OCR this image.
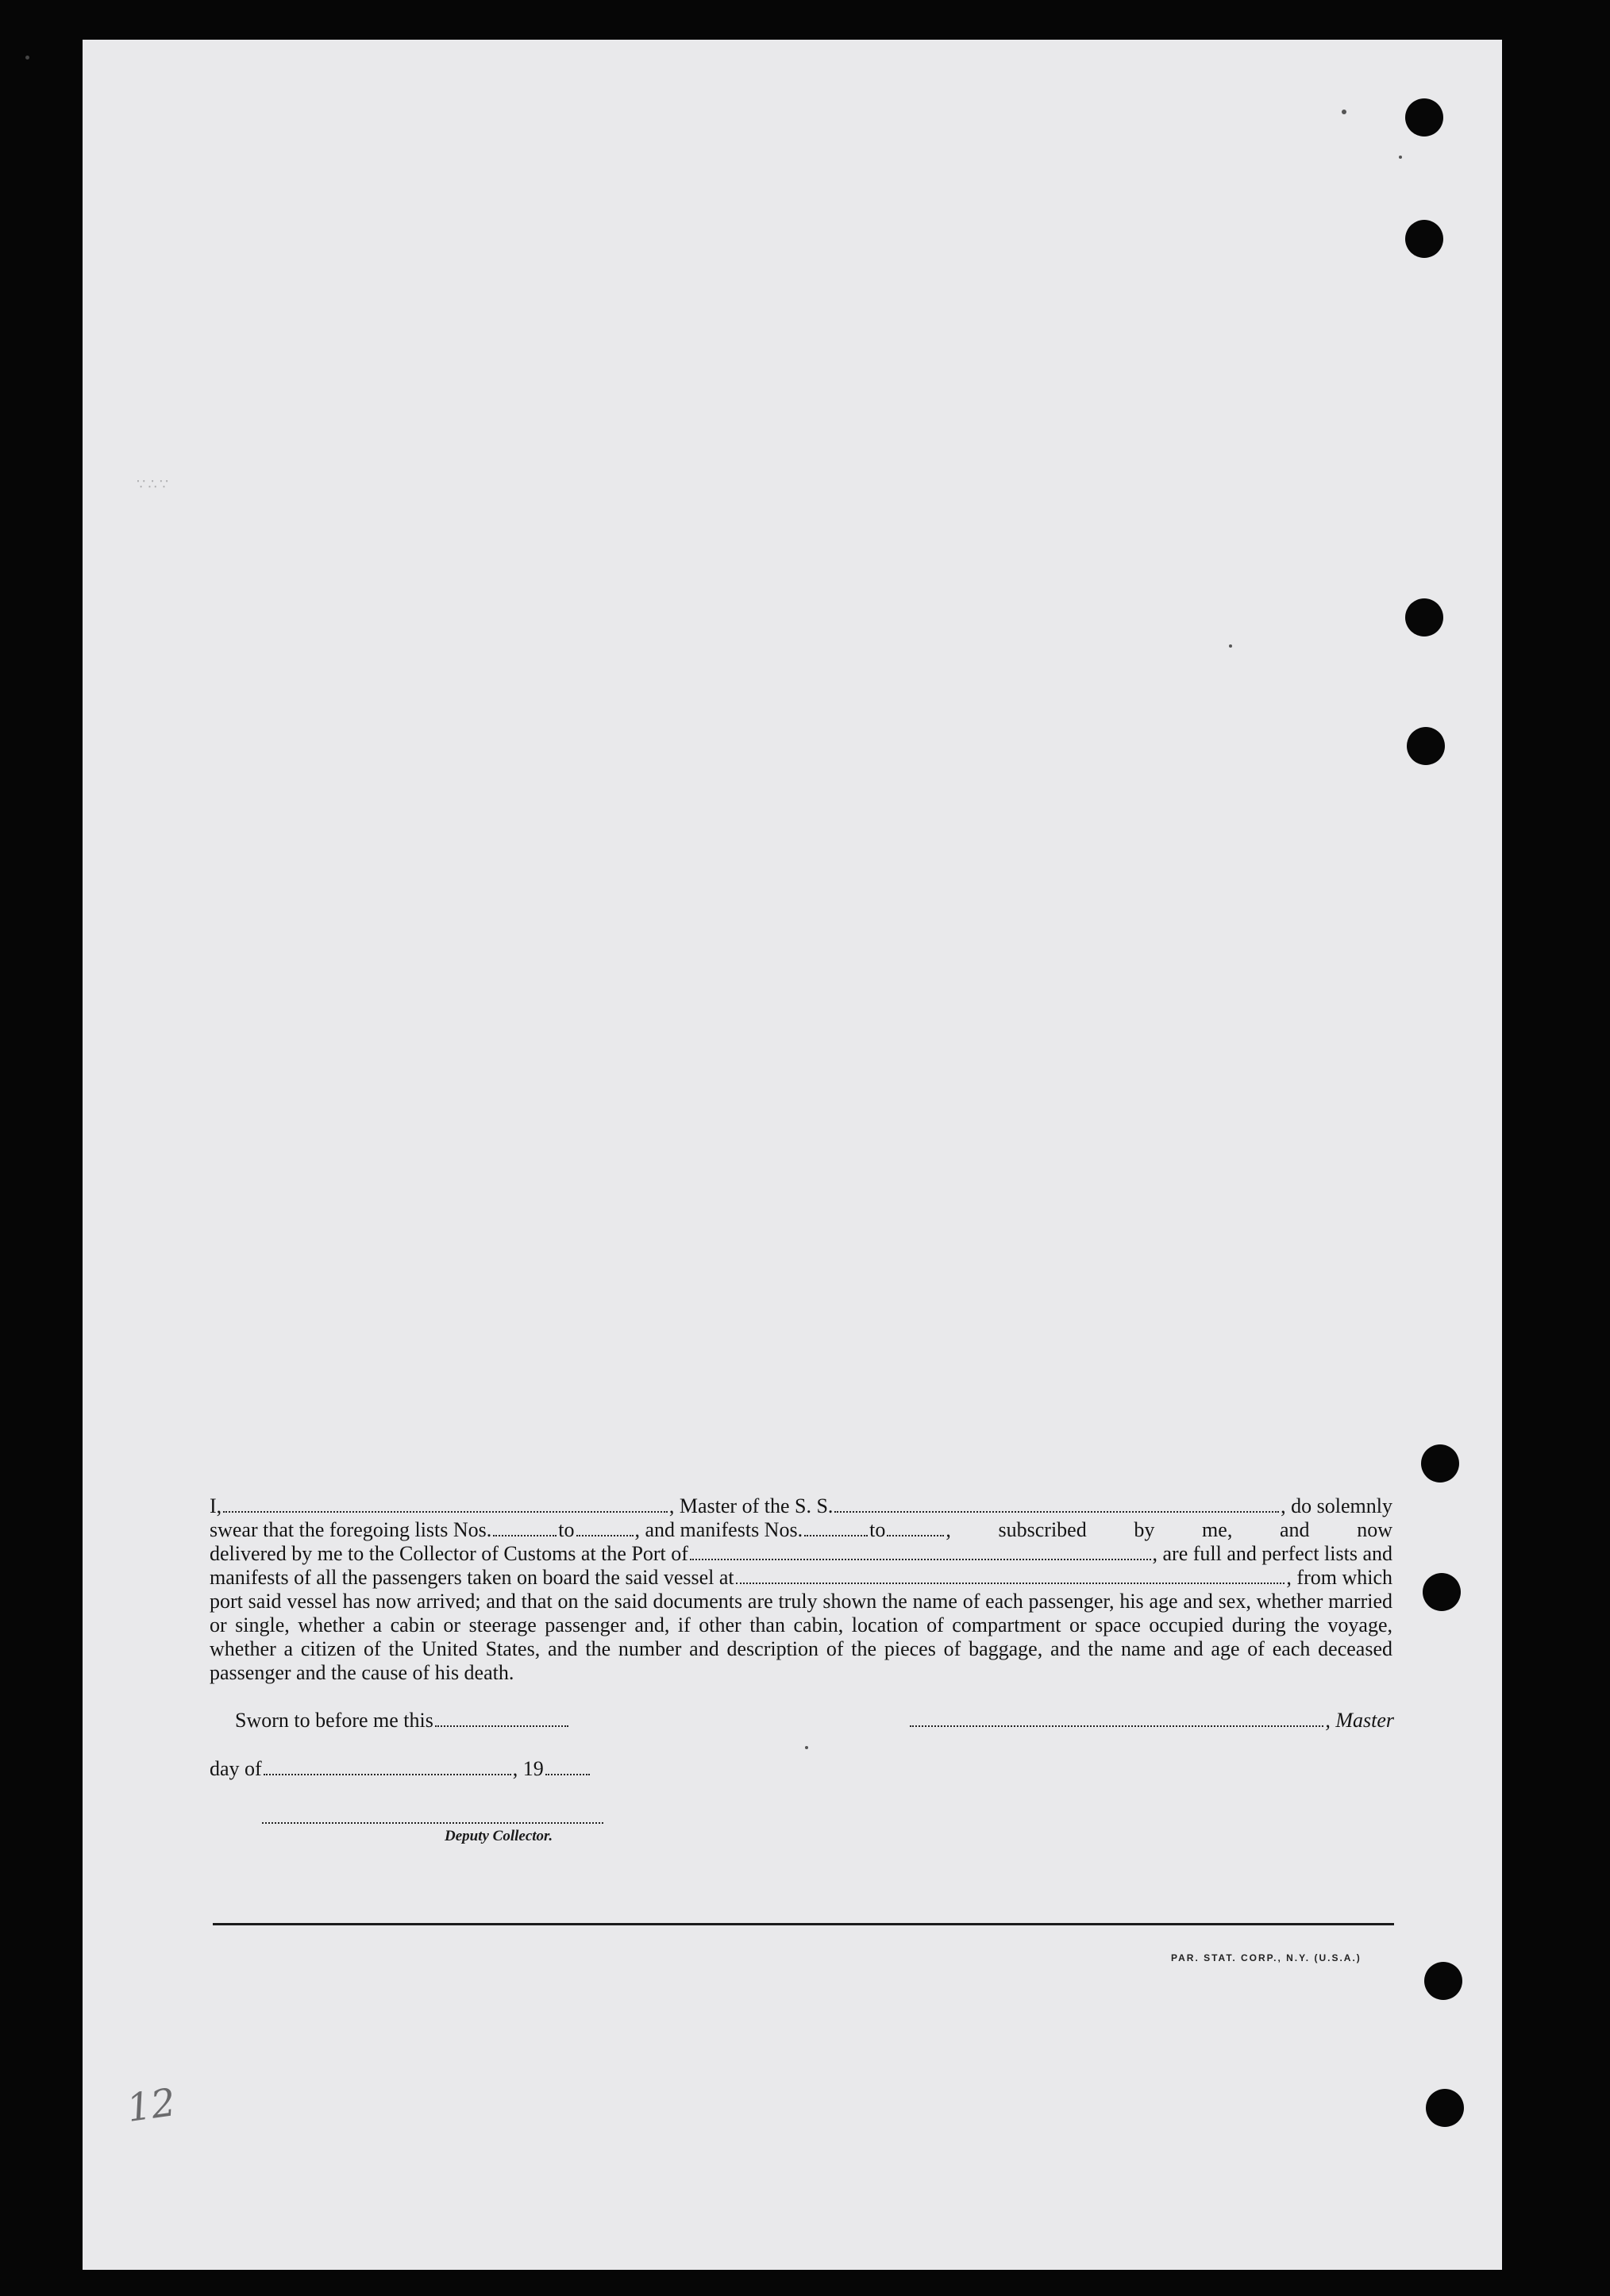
∵∴∵
I,	, Master of the S. S.	, do solemnly
swear that the foregoing lists Nos.	to	, and manifests Nos.	to	, subscribed by me, and now
delivered by me to the Collector of Customs at the Port of	, are full and perfect lists and
manifests of all the passengers taken on board the said vessel at	, from which

port said vessel has now arrived; and that on the said documents are truly shown the name of each passenger, his age and sex, whether married or single, whether a cabin or steerage passenger and, if other than cabin, location of compartment or space occupied during the voyage, whether a citizen of the United States, and the number and description of the pieces of baggage, and the name and age of each deceased passenger and the cause of his death.

Sworn to before me this	, Master
day of	, 19
Deputy Collector.
PAR. STAT. CORP., N.Y. (U.S.A.)
12
